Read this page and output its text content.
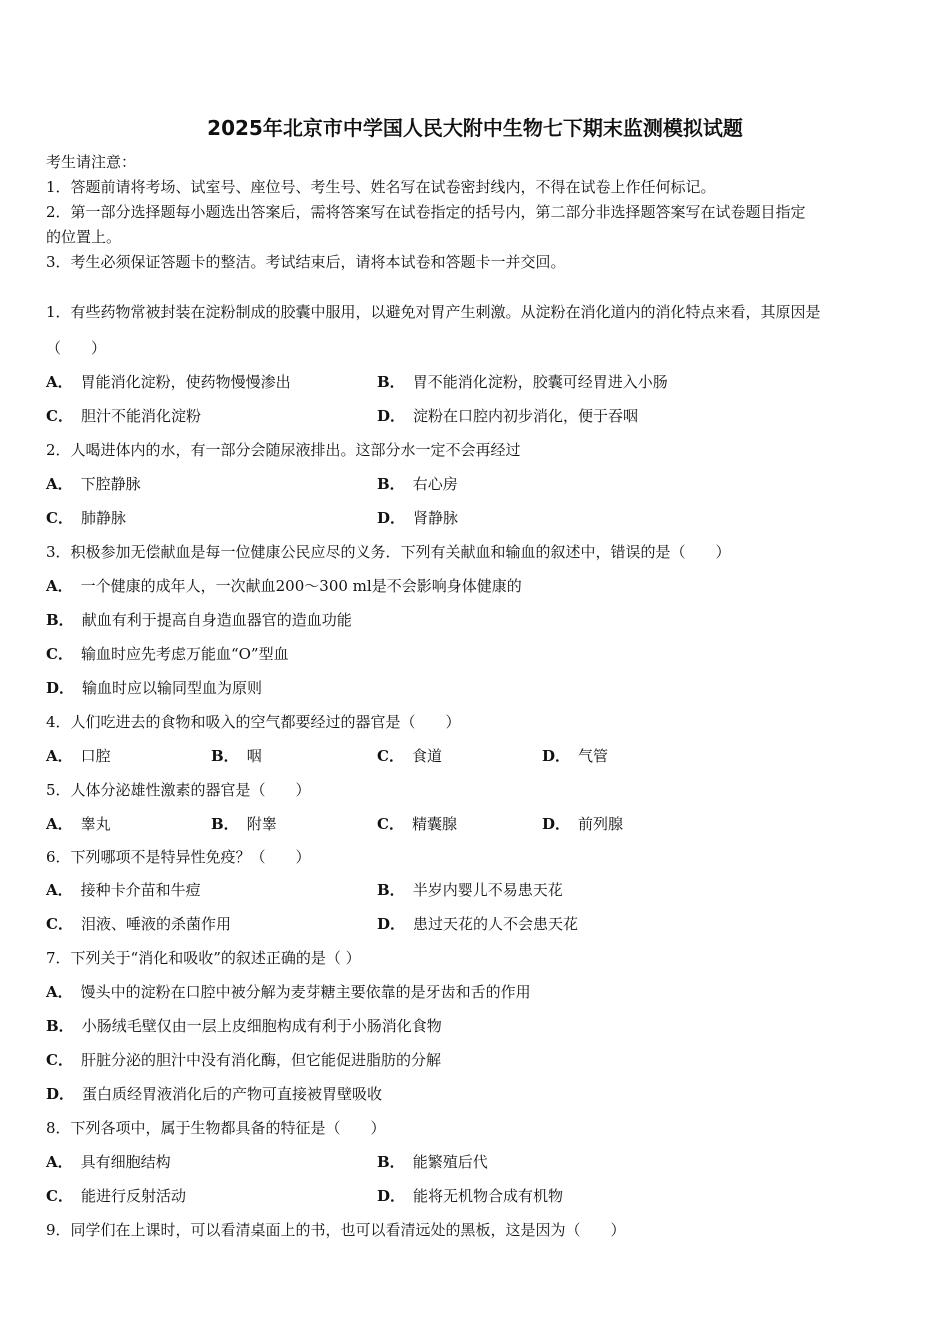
2025年北京市中学国人民大附中生物七下期末监测模拟试题
考生请注意：
1．答题前请将考场、试室号、座位号、考生号、姓名写在试卷密封线内，不得在试卷上作任何标记。
2．第一部分选择题每小题选出答案后，需将答案写在试卷指定的括号内，第二部分非选择题答案写在试卷题目指定
的位置上。
3．考生必须保证答题卡的整洁。考试结束后，请将本试卷和答题卡一并交回。
1．有些药物常被封装在淀粉制成的胶囊中服用，以避免对胃产生刺激。从淀粉在消化道内的消化特点来看，其原因是
（　　）
A． 胃能消化淀粉，使药物慢慢渗出	B． 胃不能消化淀粉，胶囊可经胃进入小肠
C． 胆汁不能消化淀粉	D． 淀粉在口腔内初步消化，便于吞咽
2．人喝进体内的水，有一部分会随尿液排出。这部分水一定不会再经过
A． 下腔静脉	B． 右心房
C． 肺静脉	D． 肾静脉
3．积极参加无偿献血是每一位健康公民应尽的义务．下列有关献血和输血的叙述中，错误的是（　　）
A． 一个健康的成年人，一次献血200～300 ml是不会影响身体健康的
B． 献血有利于提高自身造血器官的造血功能
C． 输血时应先考虑万能血“O”型血
D． 输血时应以输同型血为原则
4．人们吃进去的食物和吸入的空气都要经过的器官是（　　）
A． 口腔	B． 咽	C． 食道	D． 气管
5．人体分泌雄性激素的器官是（　　）
A． 睾丸	B． 附睾	C． 精囊腺	D． 前列腺
6．下列哪项不是特异性免疫？（　　）
A． 接种卡介苗和牛痘	B． 半岁内婴儿不易患天花
C． 泪液、唾液的杀菌作用	D． 患过天花的人不会患天花
7．下列关于“消化和吸收”的叙述正确的是（ ）
A． 馒头中的淀粉在口腔中被分解为麦芽糖主要依靠的是牙齿和舌的作用
B． 小肠绒毛壁仅由一层上皮细胞构成有利于小肠消化食物
C． 肝脏分泌的胆汁中没有消化酶，但它能促进脂肪的分解
D． 蛋白质经胃液消化后的产物可直接被胃壁吸收
8．下列各项中，属于生物都具备的特征是（　　）
A． 具有细胞结构	B． 能繁殖后代
C． 能进行反射活动	D． 能将无机物合成有机物
9．同学们在上课时，可以看清桌面上的书，也可以看清远处的黑板，这是因为（　　）
